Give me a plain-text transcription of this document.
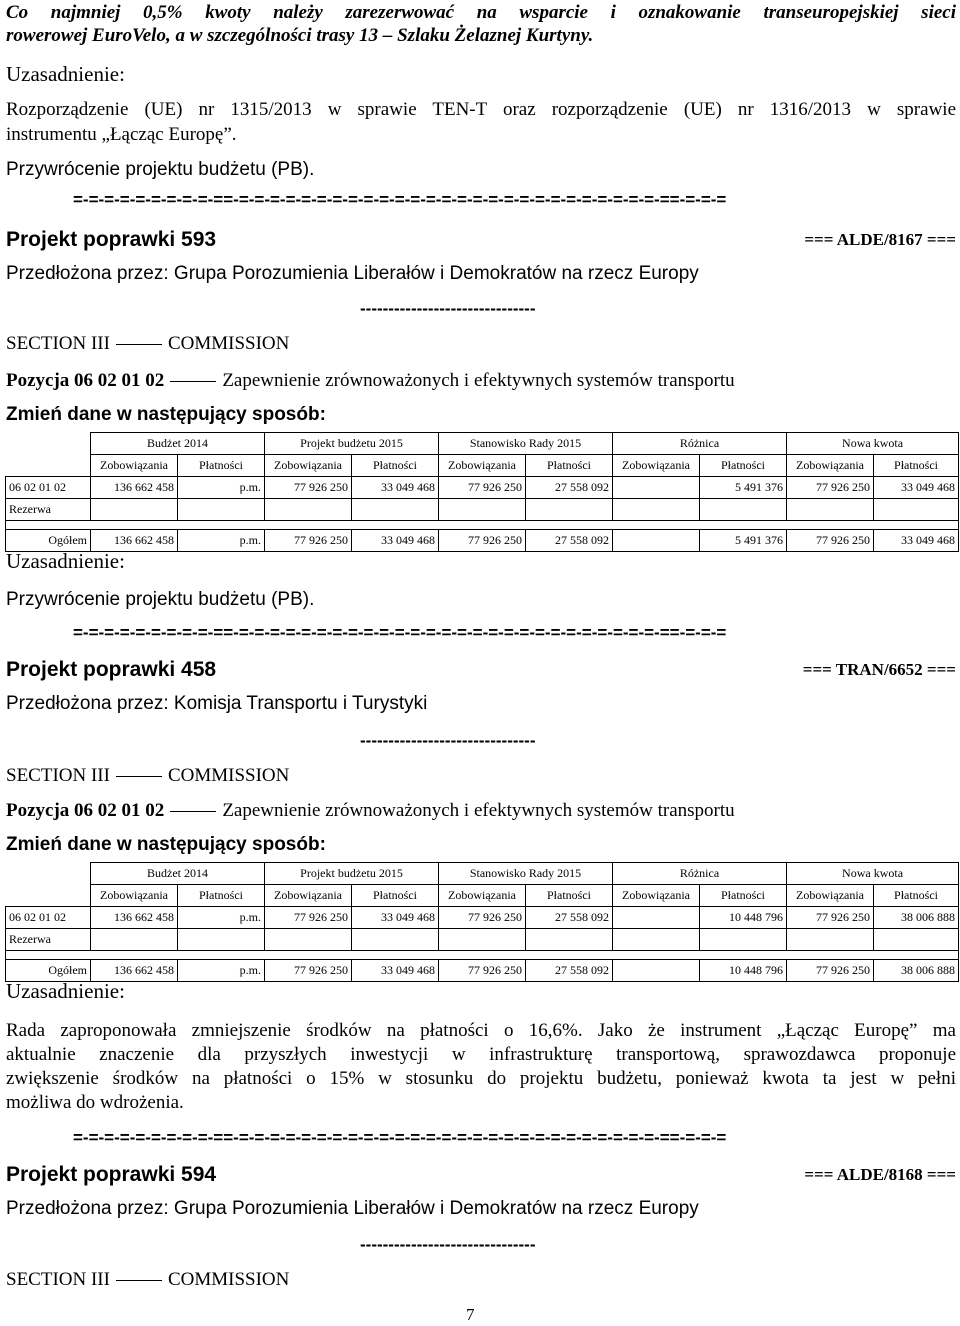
Co najmniej 0,5% kwoty należy zarezerwować na wsparcie i oznakowanie transeuropejskiej sieci
rowerowej EuroVelo, a w szczególności trasy 13 – Szlaku Żelaznej Kurtyny.
Uzasadnienie:
Rozporządzenie (UE) nr 1315/2013 w sprawie TEN-T oraz rozporządzenie (UE) nr 1316/2013 w sprawie
instrumentu „Łącząc Europę”.
Przywrócenie projektu budżetu (PB).
=-=-=-=-=-=-=-=-=-==-=-=-=-=-=-=-=-=-=-=-=-=-=-=-=-=-=-=-=-=-=-=-=-=-=-=-=-==-=-=-=
Projekt poprawki 593	=== ALDE/8167 ===
Przedłożona przez: Grupa Porozumienia Liberałów i Demokratów na rzecz Europy
-------------------------------
SECTION III	COMMISSION
Pozycja 06 02 01 02	Zapewnienie zrównoważonych i efektywnych systemów transportu
Zmień dane w następujący sposób:
	Budżet 2014		Projekt budżetu 2015		Stanowisko Rady 2015		Różnica		Nowa kwota	
	Zobowiązania	Płatności	Zobowiązania	Płatności	Zobowiązania	Płatności	Zobowiązania	Płatności	Zobowiązania	Płatności
06 02 01 02	136 662 458	p.m.	77 926 250	33 049 468	77 926 250	27 558 092		5 491 376	77 926 250	33 049 468
Rezerwa										

Ogółem	136 662 458	p.m.	77 926 250	33 049 468	77 926 250	27 558 092		5 491 376	77 926 250	33 049 468
Uzasadnienie:
Przywrócenie projektu budżetu (PB).
=-=-=-=-=-=-=-=-=-==-=-=-=-=-=-=-=-=-=-=-=-=-=-=-=-=-=-=-=-=-=-=-=-=-=-=-=-==-=-=-=
Projekt poprawki 458	=== TRAN/6652 ===
Przedłożona przez: Komisja Transportu i Turystyki
-------------------------------
SECTION III	COMMISSION
Pozycja 06 02 01 02	Zapewnienie zrównoważonych i efektywnych systemów transportu
Zmień dane w następujący sposób:
	Budżet 2014		Projekt budżetu 2015		Stanowisko Rady 2015		Różnica		Nowa kwota	
	Zobowiązania	Płatności	Zobowiązania	Płatności	Zobowiązania	Płatności	Zobowiązania	Płatności	Zobowiązania	Płatności
06 02 01 02	136 662 458	p.m.	77 926 250	33 049 468	77 926 250	27 558 092		10 448 796	77 926 250	38 006 888
Rezerwa										

Ogółem	136 662 458	p.m.	77 926 250	33 049 468	77 926 250	27 558 092		10 448 796	77 926 250	38 006 888
Uzasadnienie:
Rada zaproponowała zmniejszenie środków na płatności o 16,6%. Jako że instrument „Łącząc Europę” ma
aktualnie znaczenie dla przyszłych inwestycji w infrastrukturę transportową, sprawozdawca proponuje
zwiększenie środków na płatności o 15% w stosunku do projektu budżetu, ponieważ kwota ta jest w pełni
możliwa do wdrożenia.
=-=-=-=-=-=-=-=-=-==-=-=-=-=-=-=-=-=-=-=-=-=-=-=-=-=-=-=-=-=-=-=-=-=-=-=-=-==-=-=-=
Projekt poprawki 594	=== ALDE/8168 ===
Przedłożona przez: Grupa Porozumienia Liberałów i Demokratów na rzecz Europy
-------------------------------
SECTION III	COMMISSION
7
